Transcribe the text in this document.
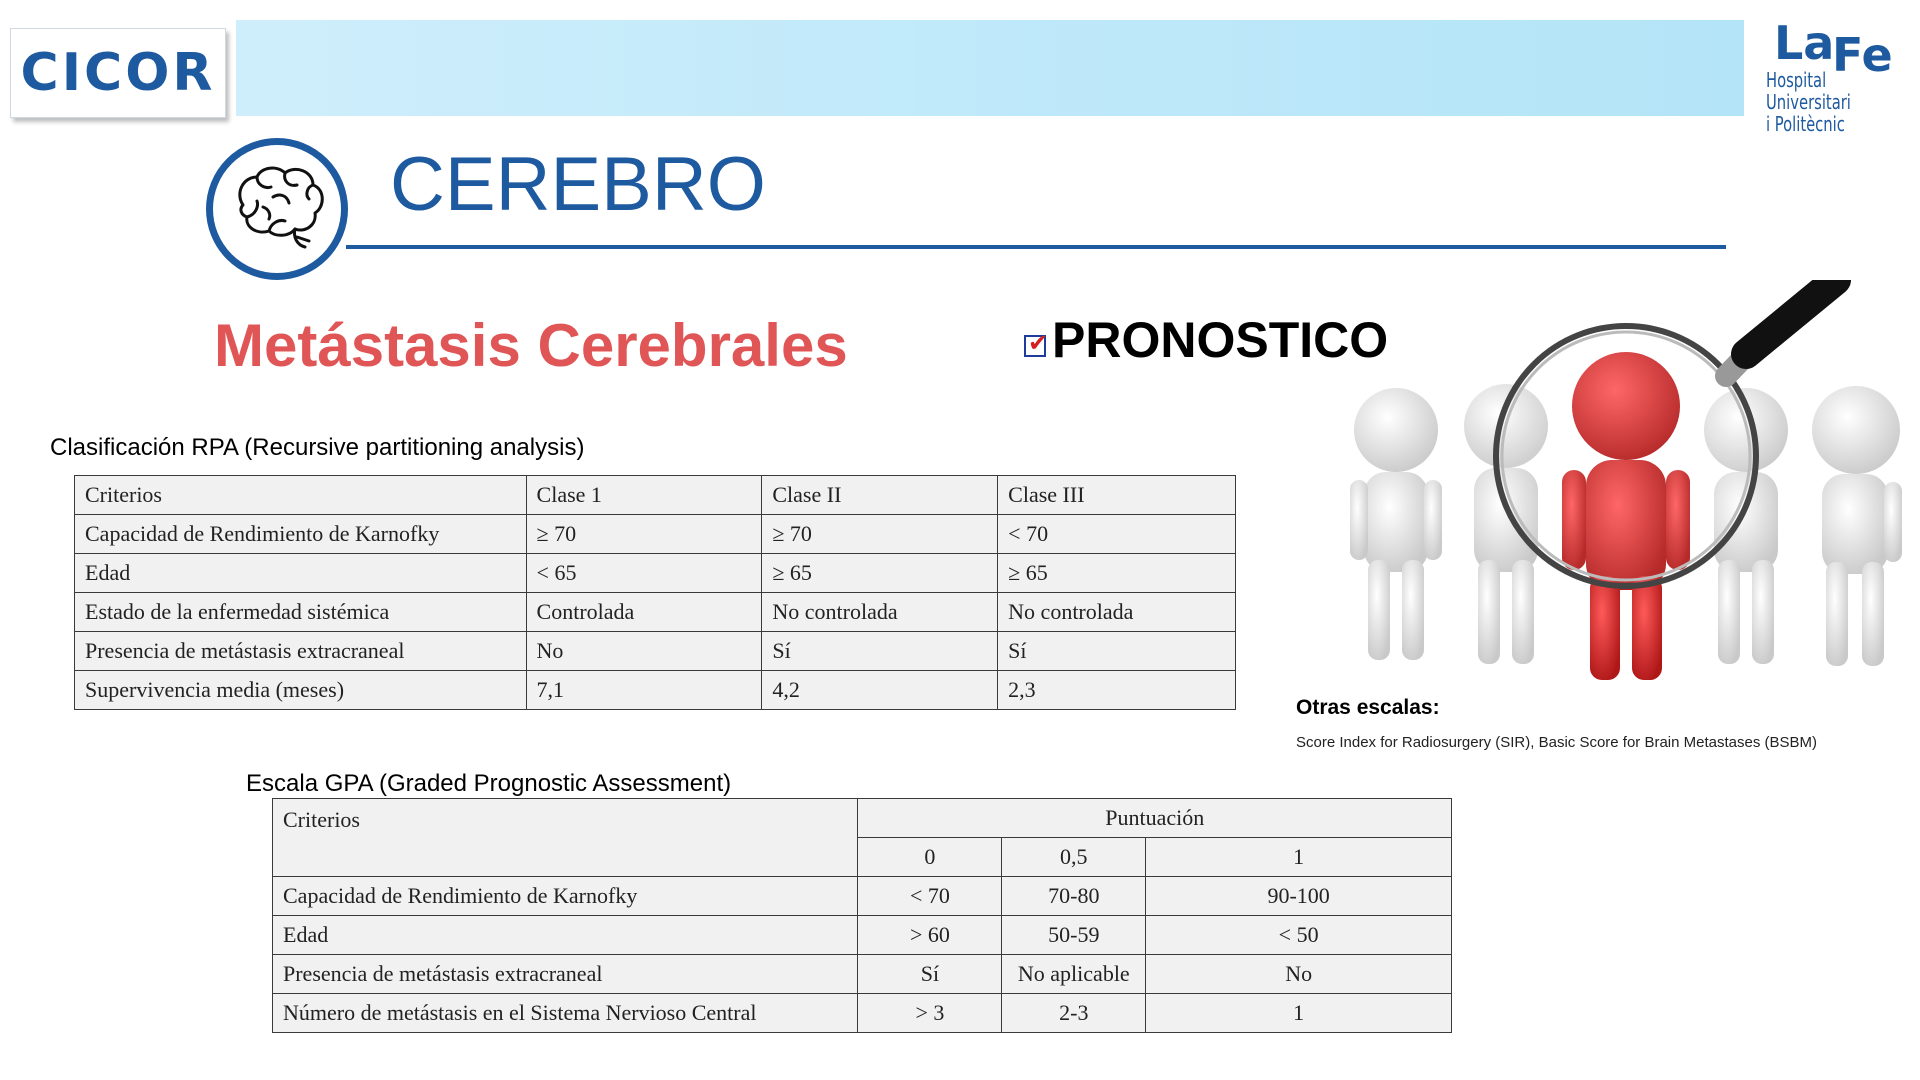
CICOR	La
Fe
Hospital
Universitari
i Politècnic
CEREBRO
Metástasis Cerebrales	✔ PRONOSTICO
Clasificación RPA (Recursive partitioning analysis)
Criterios	Clase 1	Clase II	Clase III
Capacidad de Rendimiento de Karnofky	≥ 70	≥ 70	< 70
Edad	< 65	≥ 65	≥ 65
Estado de la enfermedad sistémica	Controlada	No controlada	No controlada
Presencia de metástasis extracraneal	No	Sí	Sí
Supervivencia media (meses)	7,1	4,2	2,3
Otras escalas:
Score Index for Radiosurgery (SIR), Basic Score for Brain Metastases (BSBM)
Escala GPA (Graded Prognostic Assessment)
Criterios	Puntuación		
	0	0,5	1
Capacidad de Rendimiento de Karnofky	< 70	70-80	90-100
Edad	> 60	50-59	< 50
Presencia de metástasis extracraneal	Sí	No aplicable	No
Número de metástasis en el Sistema Nervioso Central	> 3	2-3	1
